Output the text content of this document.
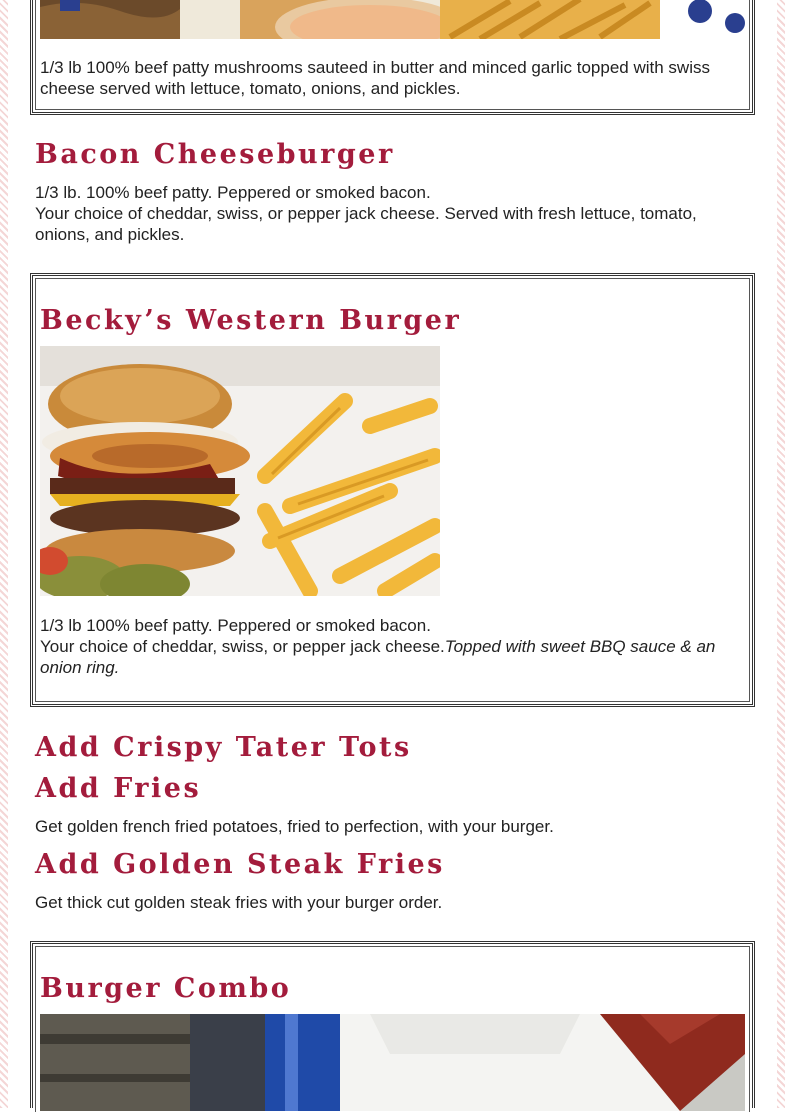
1/3 lb 100% beef patty mushrooms sauteed in butter and minced garlic topped with swiss cheese served with lettuce, tomato, onions, and pickles.

Bacon Cheeseburger

1/3 lb. 100% beef patty. Peppered or smoked bacon.

Your choice of cheddar, swiss, or pepper jack cheese. Served with fresh lettuce, tomato, onions, and pickles.

Becky’s Western Burger

1/3 lb 100% beef patty. Peppered or smoked bacon.

Your choice of cheddar, swiss, or pepper jack cheese.Topped with sweet BBQ sauce & an onion ring.

Add Crispy Tater Tots
Add Fries

Get golden french fried potatoes, fried to perfection, with your burger.

Add Golden Steak Fries

Get thick cut golden steak fries with your burger order.

Burger Combo
